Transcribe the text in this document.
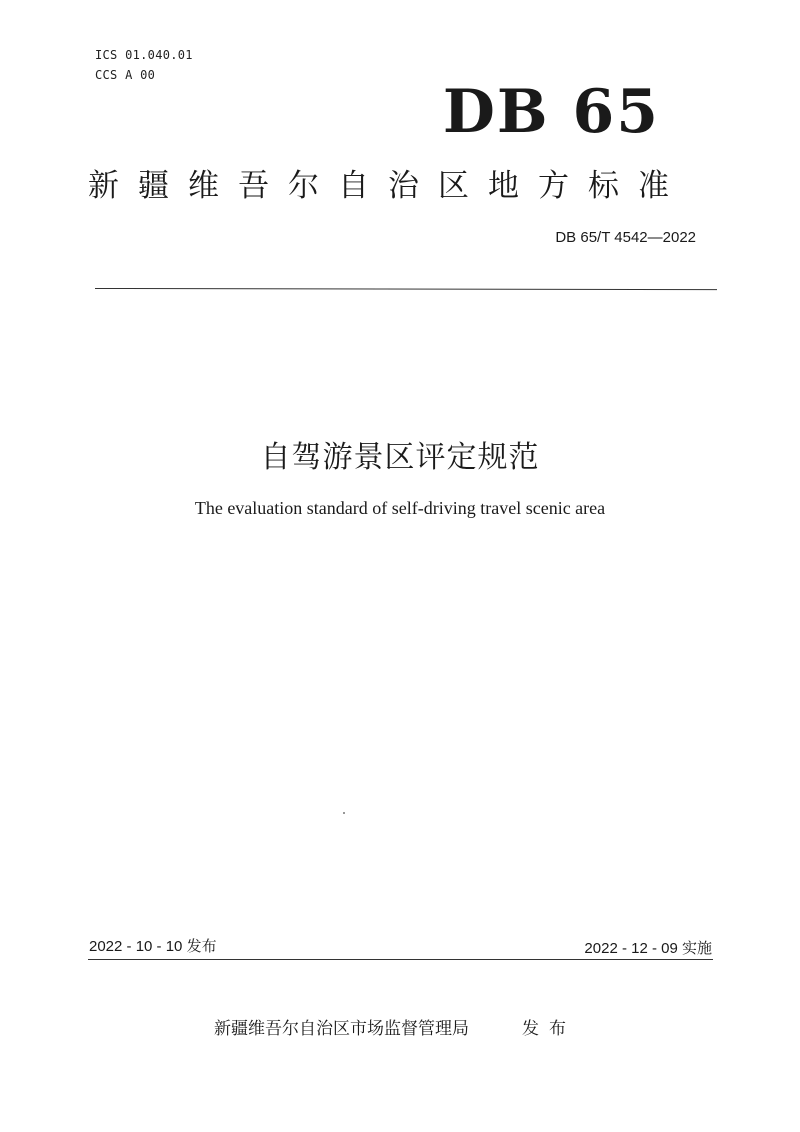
ICS 01.040.01
CCS A 00
DB 65
新疆维吾尔自治区地方标准
DB 65/T 4542—2022
自驾游景区评定规范
The evaluation standard of self-driving travel scenic area
2022 - 10 - 10 发布	2022 - 12 - 09 实施
新疆维吾尔自治区市场监督管理局	发布
